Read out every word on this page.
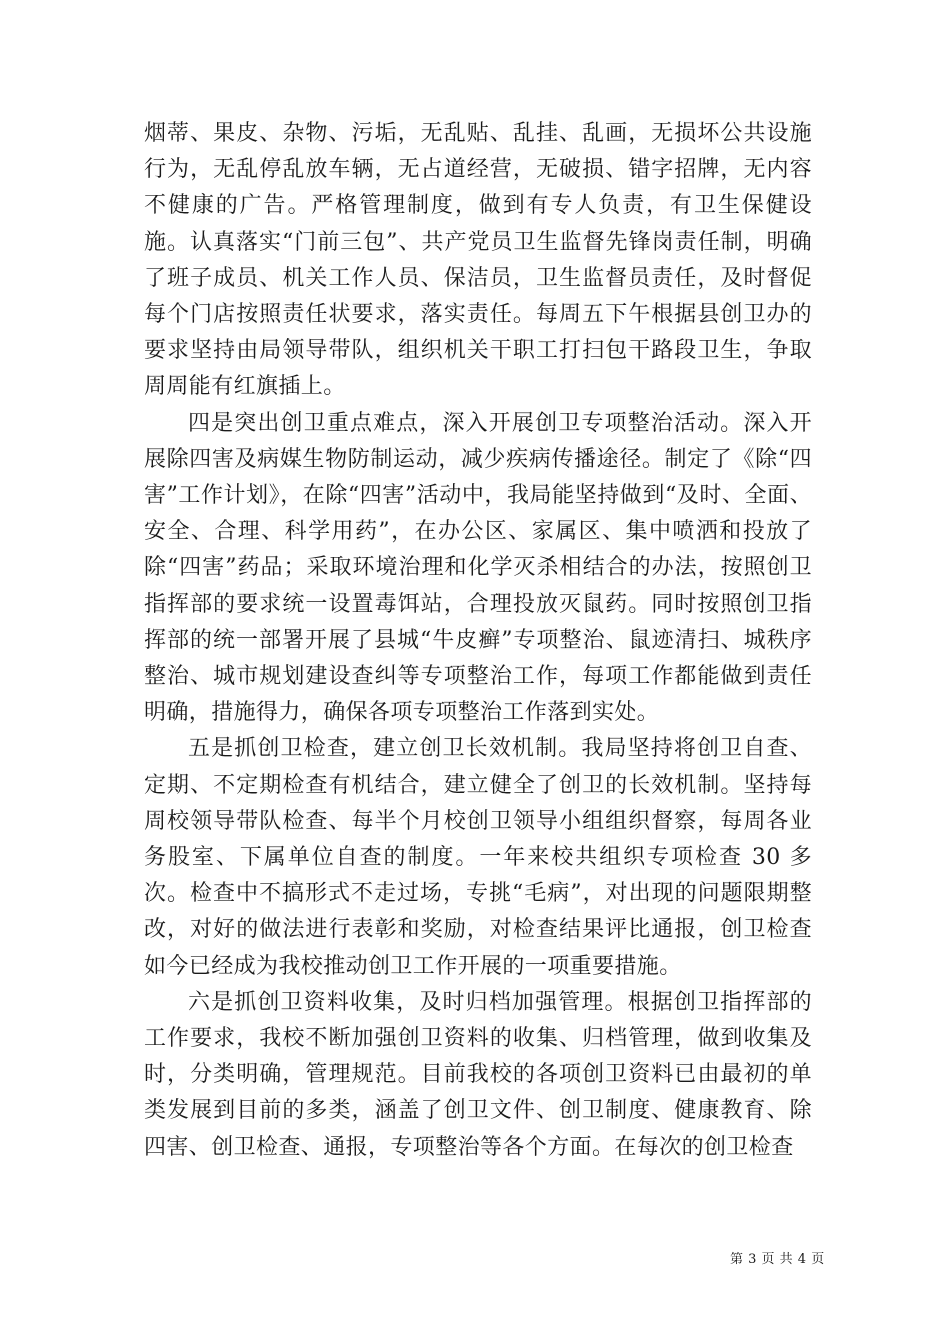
烟蒂、果皮、杂物、污垢，无乱贴、乱挂、乱画，无损坏公共设施行为，无乱停乱放车辆，无占道经营，无破损、错字招牌，无内容不健康的广告。严格管理制度，做到有专人负责，有卫生保健设施。认真落实“门前三包”、共产党员卫生监督先锋岗责任制，明确了班子成员、机关工作人员、保洁员，卫生监督员责任，及时督促每个门店按照责任状要求，落实责任。每周五下午根据县创卫办的要求坚持由局领导带队，组织机关干职工打扫包干路段卫生，争取周周能有红旗插上。

四是突出创卫重点难点，深入开展创卫专项整治活动。深入开展除四害及病媒生物防制运动，减少疾病传播途径。制定了《除“四害”工作计划》，在除“四害”活动中，我局能坚持做到“及时、全面、安全、合理、科学用药”，在办公区、家属区、集中喷洒和投放了除“四害”药品；采取环境治理和化学灭杀相结合的办法，按照创卫指挥部的要求统一设置毒饵站，合理投放灭鼠药。同时按照创卫指挥部的统一部署开展了县城“牛皮癣”专项整治、鼠迹清扫、城秩序整治、城市规划建设查纠等专项整治工作，每项工作都能做到责任明确，措施得力，确保各项专项整治工作落到实处。

五是抓创卫检查，建立创卫长效机制。我局坚持将创卫自查、定期、不定期检查有机结合，建立健全了创卫的长效机制。坚持每周校领导带队检查、每半个月校创卫领导小组组织督察，每周各业务股室、下属单位自查的制度。一年来校共组织专项检查 30 多次。检查中不搞形式不走过场，专挑“毛病”，对出现的问题限期整改，对好的做法进行表彰和奖励，对检查结果评比通报，创卫检查如今已经成为我校推动创卫工作开展的一项重要措施。

六是抓创卫资料收集，及时归档加强管理。根据创卫指挥部的工作要求，我校不断加强创卫资料的收集、归档管理，做到收集及时，分类明确，管理规范。目前我校的各项创卫资料已由最初的单类发展到目前的多类，涵盖了创卫文件、创卫制度、健康教育、除四害、创卫检查、通报，专项整治等各个方面。在每次的创卫检查

第 3 页 共 4 页
